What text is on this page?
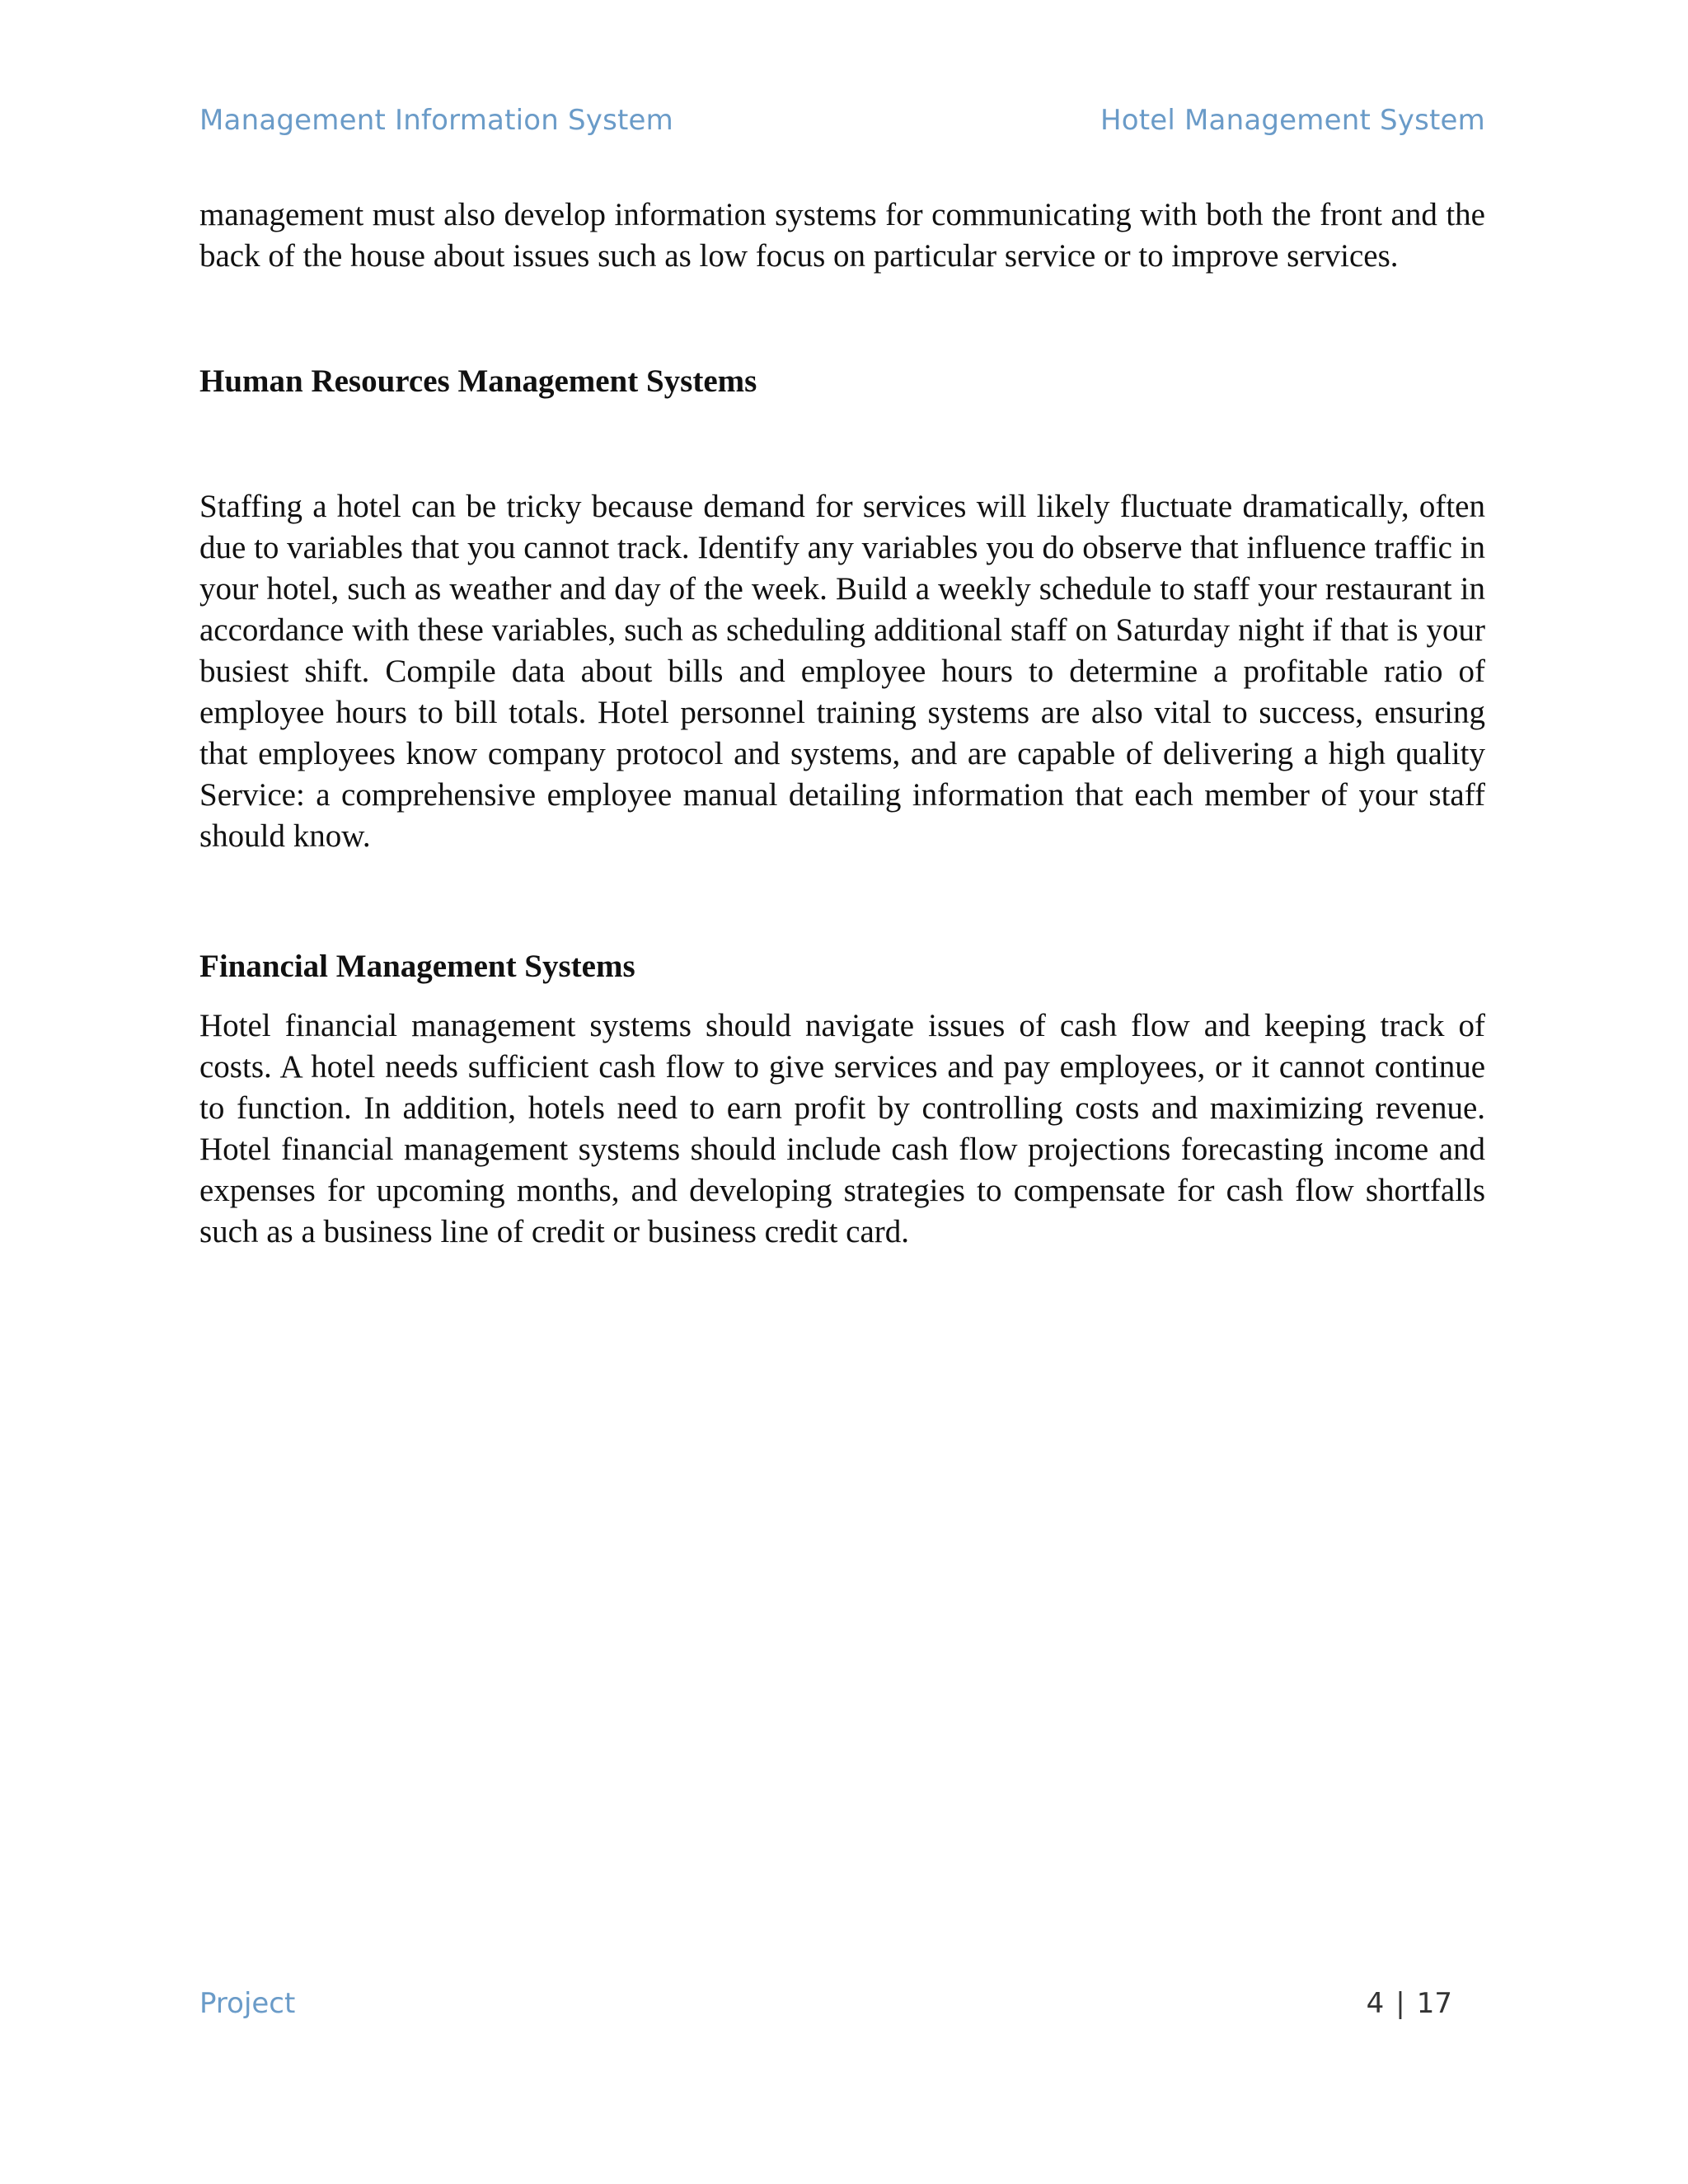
Management Information System	Hotel Management System

management must also develop information systems for communicating with both the front and the back of the house about issues such as low focus on particular service or to improve services.

Human Resources Management Systems

Staffing a hotel can be tricky because demand for services will likely fluctuate dramatically, often due to variables that you cannot track. Identify any variables you do observe that influence traffic in your hotel, such as weather and day of the week. Build a weekly schedule to staff your restaurant in accordance with these variables, such as scheduling additional staff on Saturday night if that is your busiest shift. Compile data about bills and employee hours to determine a profitable ratio of employee hours to bill totals. Hotel personnel training systems are also vital to success, ensuring that employees know company protocol and systems, and are capable of delivering a high quality Service: a comprehensive employee manual detailing information that each member of your staff should know.

Financial Management Systems

Hotel financial management systems should navigate issues of cash flow and keeping track of costs. A hotel needs sufficient cash flow to give services and pay employees, or it cannot continue to function. In addition, hotels need to earn profit by controlling costs and maximizing revenue. Hotel financial management systems should include cash flow projections forecasting income and expenses for upcoming months, and developing strategies to compensate for cash flow shortfalls such as a business line of credit or business credit card.

Project	4 | 17
